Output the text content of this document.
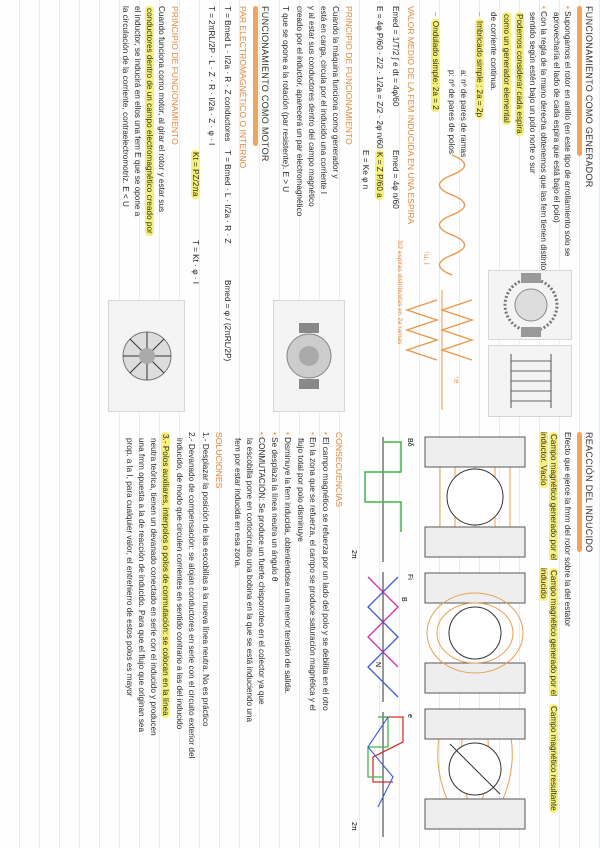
FUNCIONAMIENTO COMO GENERADOR
• Supongamos el rotor en anillo (en este tipo de arrollamiento solo se
aprovecharía el lado de cada espira que está bajo el polo)
• Con la regla de la mano derecha obtenemos que las fem tienen distinto
sentido según estén bajo un polo norte o sur
Podemos considerar cada espira
como un generador elemental
de corriente continua.
– Imbricado simple : 2a = 2p
a: nº de pares de ramas
p: nº de pares de polos
– Ondulado simple: 2a = 2
↑e
↑u, i
3/2 espiras distribuidas en 2a ramas
VALOR MEDIO DE LA FEM INDUCIDA EN UNA ESPIRA
Emed = 1/T/2 ∫ e dt = 4φ/60
Emed = 4φ n/60
E = 4φ P/60 · Z/2 · 1/2a = Z/2 · 2φ n/60
K = Z P/60 a
E = Ke φ n
PRINCIPIO DE FUNCIONAMIENTO
Cuando la máquina funciona como generador y
está en carga, circula por el inducido una corriente I
y al estar sus conductores dentro del campo magnético
creado por el inductor, aparecerá un par electromagnético
T que se opone a la rotación (par resistente). E > U
FUNCIONAMIENTO COMO MOTOR
PAR ELECTROMAGNÉTICO O INTERNO
T = Bmed L · I/2a · R · Z conductores
T = Bmed · L · I/2a · R · Z
Bmed = φ / (2πRL/2P)
T = 2πRL/2P · L · Z · R · I/2a · Z · φ · I
Kt = PZ/2πa
T = Kt · φ · I
PRINCIPIO DE FUNCIONAMIENTO
Cuando funciona como motor, al girar el rotor y estar sus
conductores dentro de un campo electromagnético creado por
el inductor, se inducirá en ellos una fem E que se opone a
la circulación de la corriente, contraelectromotriz. E < U
REACCIÓN DEL INDUCIDO
Efecto que ejerce la fmm del rotor sobre la del estator
Campo magnético generado por el inductor. Vacío
Campo magnético generado por el inducido
Campo magnético resultante
Bδ
Fi
B
N
2π
2π
e
CONSECUENCIAS
• El campo magnético se refuerza por un lado del polo y se debilita en el otro
• En la zona que se refuerza, el campo se produce saturación magnética y el
flujo total por polo disminuye
• Disminuye la fem inducida, obteniéndose una menor tensión de salida.
• Se desplaza la línea neutra un ángulo θ
• CONMUTACIÓN: Se produce un fuerte chisporroteo en el colector ya que
la escobilla pone en cortocircuito una bobina en la que se está induciendo una
fem por estar inducida en esa zona.
SOLUCIONES
1.- Desplazar la posición de las escobillas a la nueva línea neutra. No es práctico
2.- Devanado de compensación: se alojan conductores en serie con el circuito exterior del
inducido, de modo que circulen corrientes en sentido contrario a las del inducido
3.- Polos auxiliares, interpolos o polos de conmutación: se colocan en la línea
neutra teórica, tienen un devanado conectado en serie con el inducido y producen
una fmm opuesta a la de reacción de inducido. Para que el flujo que originan sea
prop. a la I, para cualquier valor, el entrehierro de estos polos es mayor
